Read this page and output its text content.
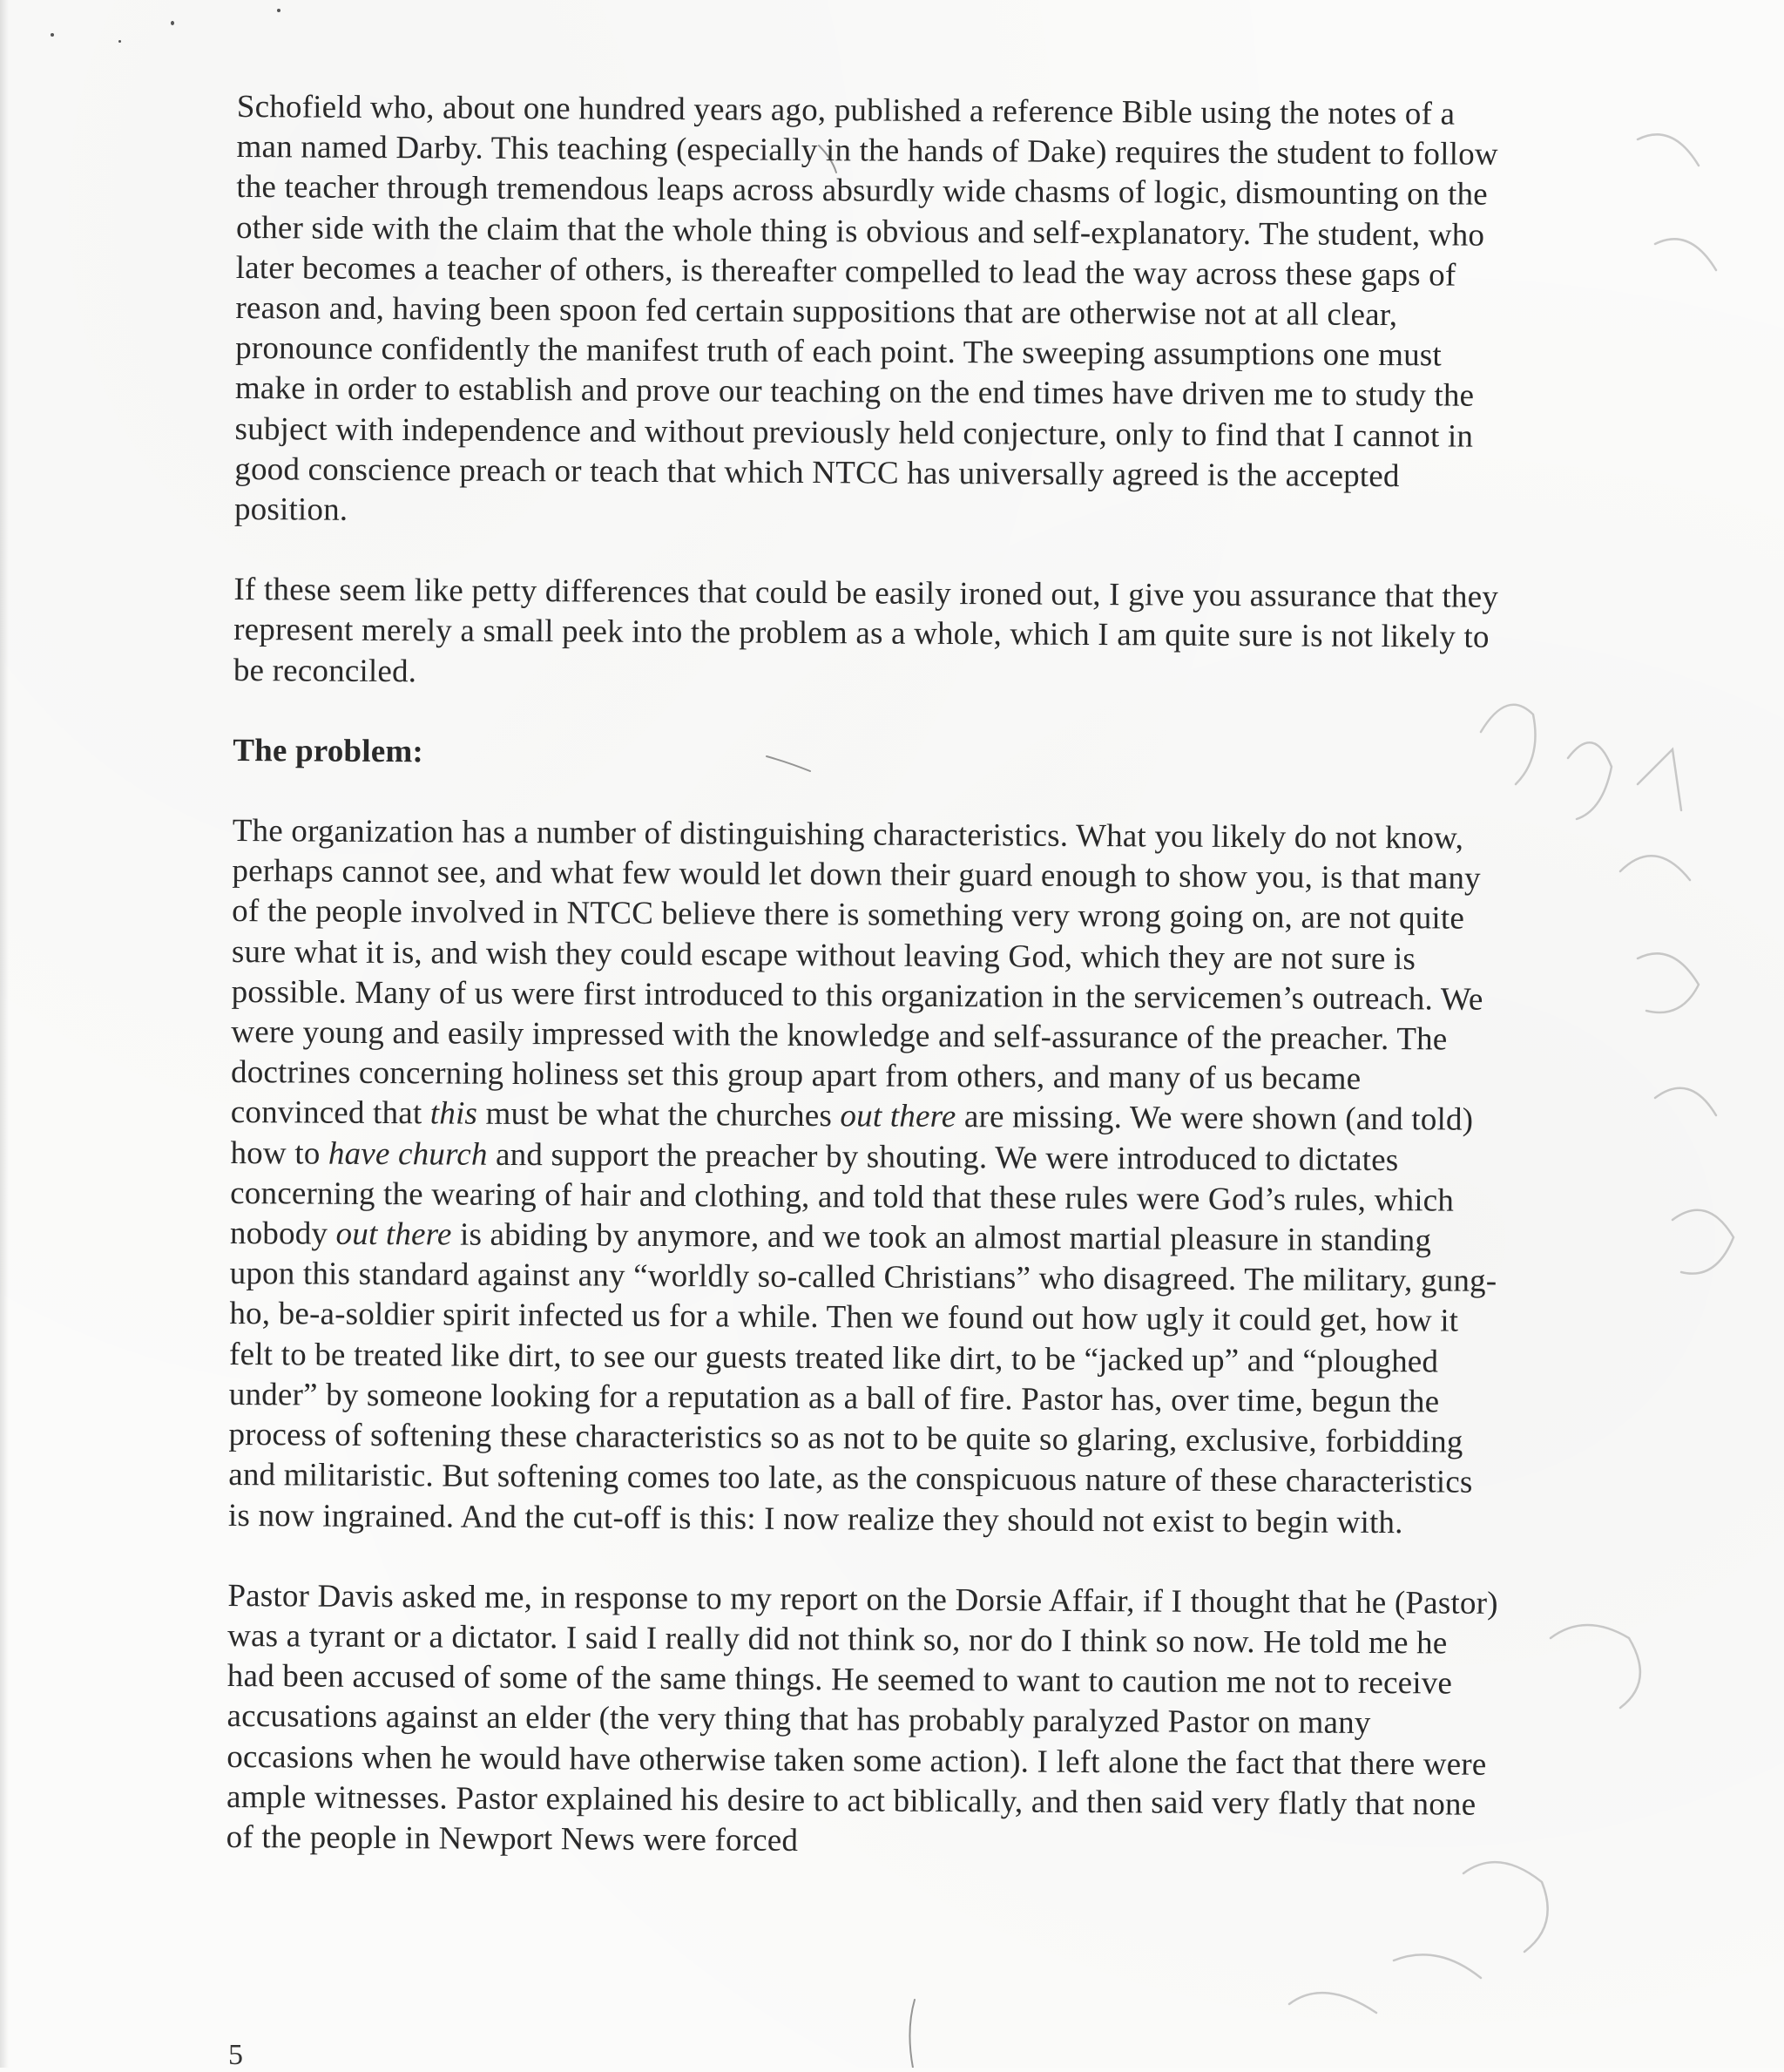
Schofield who, about one hundred years ago, published a reference Bible using the notes of a man named Darby. This teaching (especially in the hands of Dake) requires the student to follow the teacher through tremendous leaps across absurdly wide chasms of logic, dismounting on the other side with the claim that the whole thing is obvious and self-explanatory. The student, who later becomes a teacher of others, is thereafter compelled to lead the way across these gaps of reason and, having been spoon fed certain suppositions that are otherwise not at all clear, pronounce confidently the manifest truth of each point. The sweeping assumptions one must make in order to establish and prove our teaching on the end times have driven me to study the subject with independence and without previously held conjecture, only to find that I cannot in good conscience preach or teach that which NTCC has universally agreed is the accepted position.

If these seem like petty differences that could be easily ironed out, I give you assurance that they represent merely a small peek into the problem as a whole, which I am quite sure is not likely to be reconciled.

The problem:

The organization has a number of distinguishing characteristics. What you likely do not know, perhaps cannot see, and what few would let down their guard enough to show you, is that many of the people involved in NTCC believe there is something very wrong going on, are not quite sure what it is, and wish they could escape without leaving God, which they are not sure is possible. Many of us were first introduced to this organization in the servicemen’s outreach. We were young and easily impressed with the knowledge and self-assurance of the preacher. The doctrines concerning holiness set this group apart from others, and many of us became convinced that this must be what the churches out there are missing. We were shown (and told) how to have church and support the preacher by shouting. We were introduced to dictates concerning the wearing of hair and clothing, and told that these rules were God’s rules, which nobody out there is abiding by anymore, and we took an almost martial pleasure in standing upon this standard against any “worldly so-called Christians” who disagreed. The military, gung-ho, be-a-soldier spirit infected us for a while. Then we found out how ugly it could get, how it felt to be treated like dirt, to see our guests treated like dirt, to be “jacked up” and “ploughed under” by someone looking for a reputation as a ball of fire. Pastor has, over time, begun the process of softening these characteristics so as not to be quite so glaring, exclusive, forbidding and militaristic. But softening comes too late, as the conspicuous nature of these characteristics is now ingrained. And the cut-off is this: I now realize they should not exist to begin with.

Pastor Davis asked me, in response to my report on the Dorsie Affair, if I thought that he (Pastor) was a tyrant or a dictator. I said I really did not think so, nor do I think so now. He told me he had been accused of some of the same things. He seemed to want to caution me not to receive accusations against an elder (the very thing that has probably paralyzed Pastor on many occasions when he would have otherwise taken some action). I left alone the fact that there were ample witnesses. Pastor explained his desire to act biblically, and then said very flatly that none of the people in Newport News were forced

5
